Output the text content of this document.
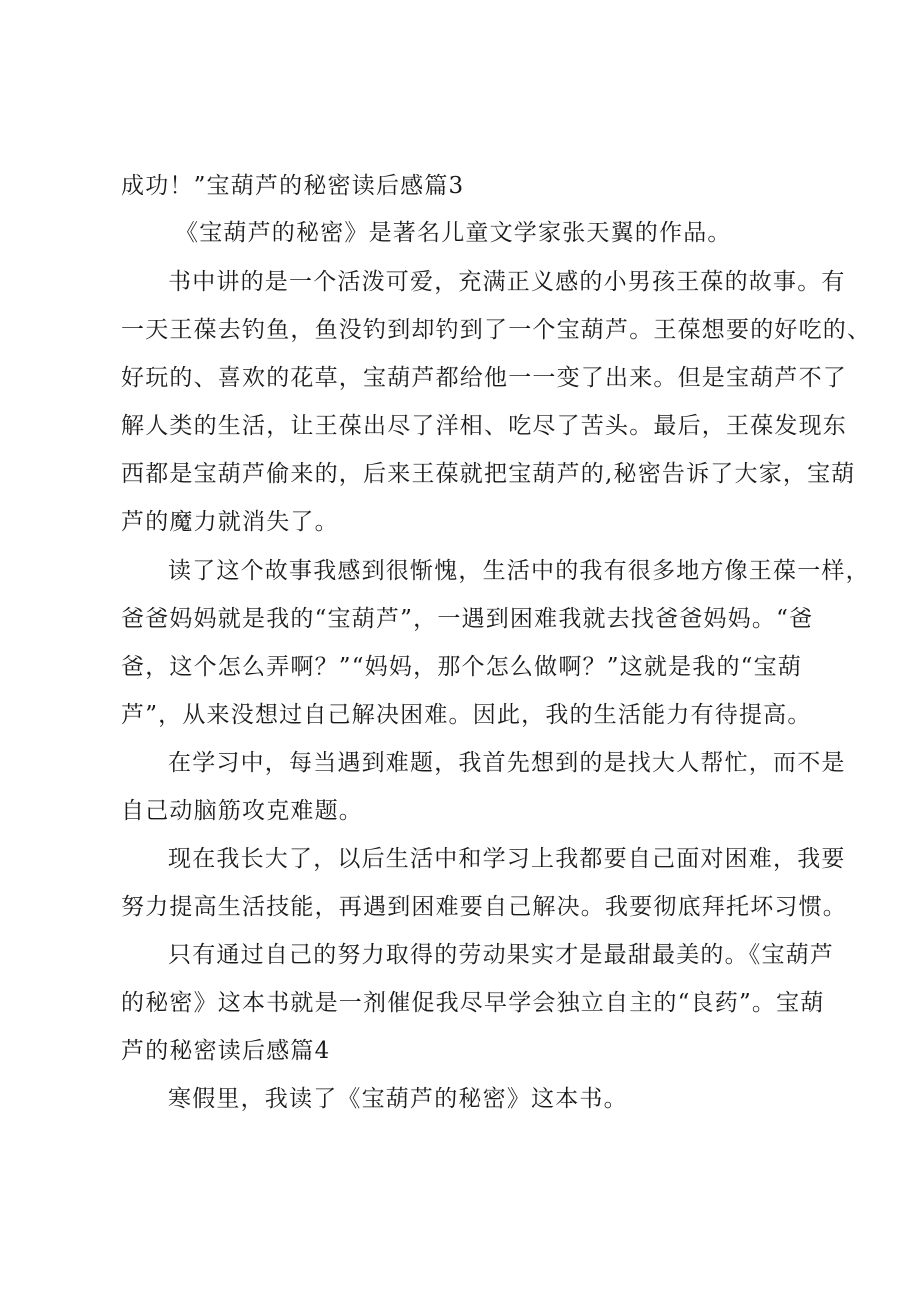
成功！”宝葫芦的秘密读后感篇3
《宝葫芦的秘密》是著名儿童文学家张天翼的作品。
书中讲的是一个活泼可爱，充满正义感的小男孩王葆的故事。有
一天王葆去钓鱼，鱼没钓到却钓到了一个宝葫芦。王葆想要的好吃的、
好玩的、喜欢的花草，宝葫芦都给他一一变了出来。但是宝葫芦不了
解人类的生活，让王葆出尽了洋相、吃尽了苦头。最后，王葆发现东
西都是宝葫芦偷来的，后来王葆就把宝葫芦的,秘密告诉了大家，宝葫
芦的魔力就消失了。
读了这个故事我感到很惭愧，生活中的我有很多地方像王葆一样，
爸爸妈妈就是我的“宝葫芦”，一遇到困难我就去找爸爸妈妈。“爸
爸，这个怎么弄啊？”“妈妈，那个怎么做啊？”这就是我的“宝葫
芦”，从来没想过自己解决困难。因此，我的生活能力有待提高。
在学习中，每当遇到难题，我首先想到的是找大人帮忙，而不是
自己动脑筋攻克难题。
现在我长大了，以后生活中和学习上我都要自己面对困难，我要
努力提高生活技能，再遇到困难要自己解决。我要彻底拜托坏习惯。
只有通过自己的努力取得的劳动果实才是最甜最美的。《宝葫芦
的秘密》这本书就是一剂催促我尽早学会独立自主的“良药”。宝葫
芦的秘密读后感篇4
寒假里，我读了《宝葫芦的秘密》这本书。
